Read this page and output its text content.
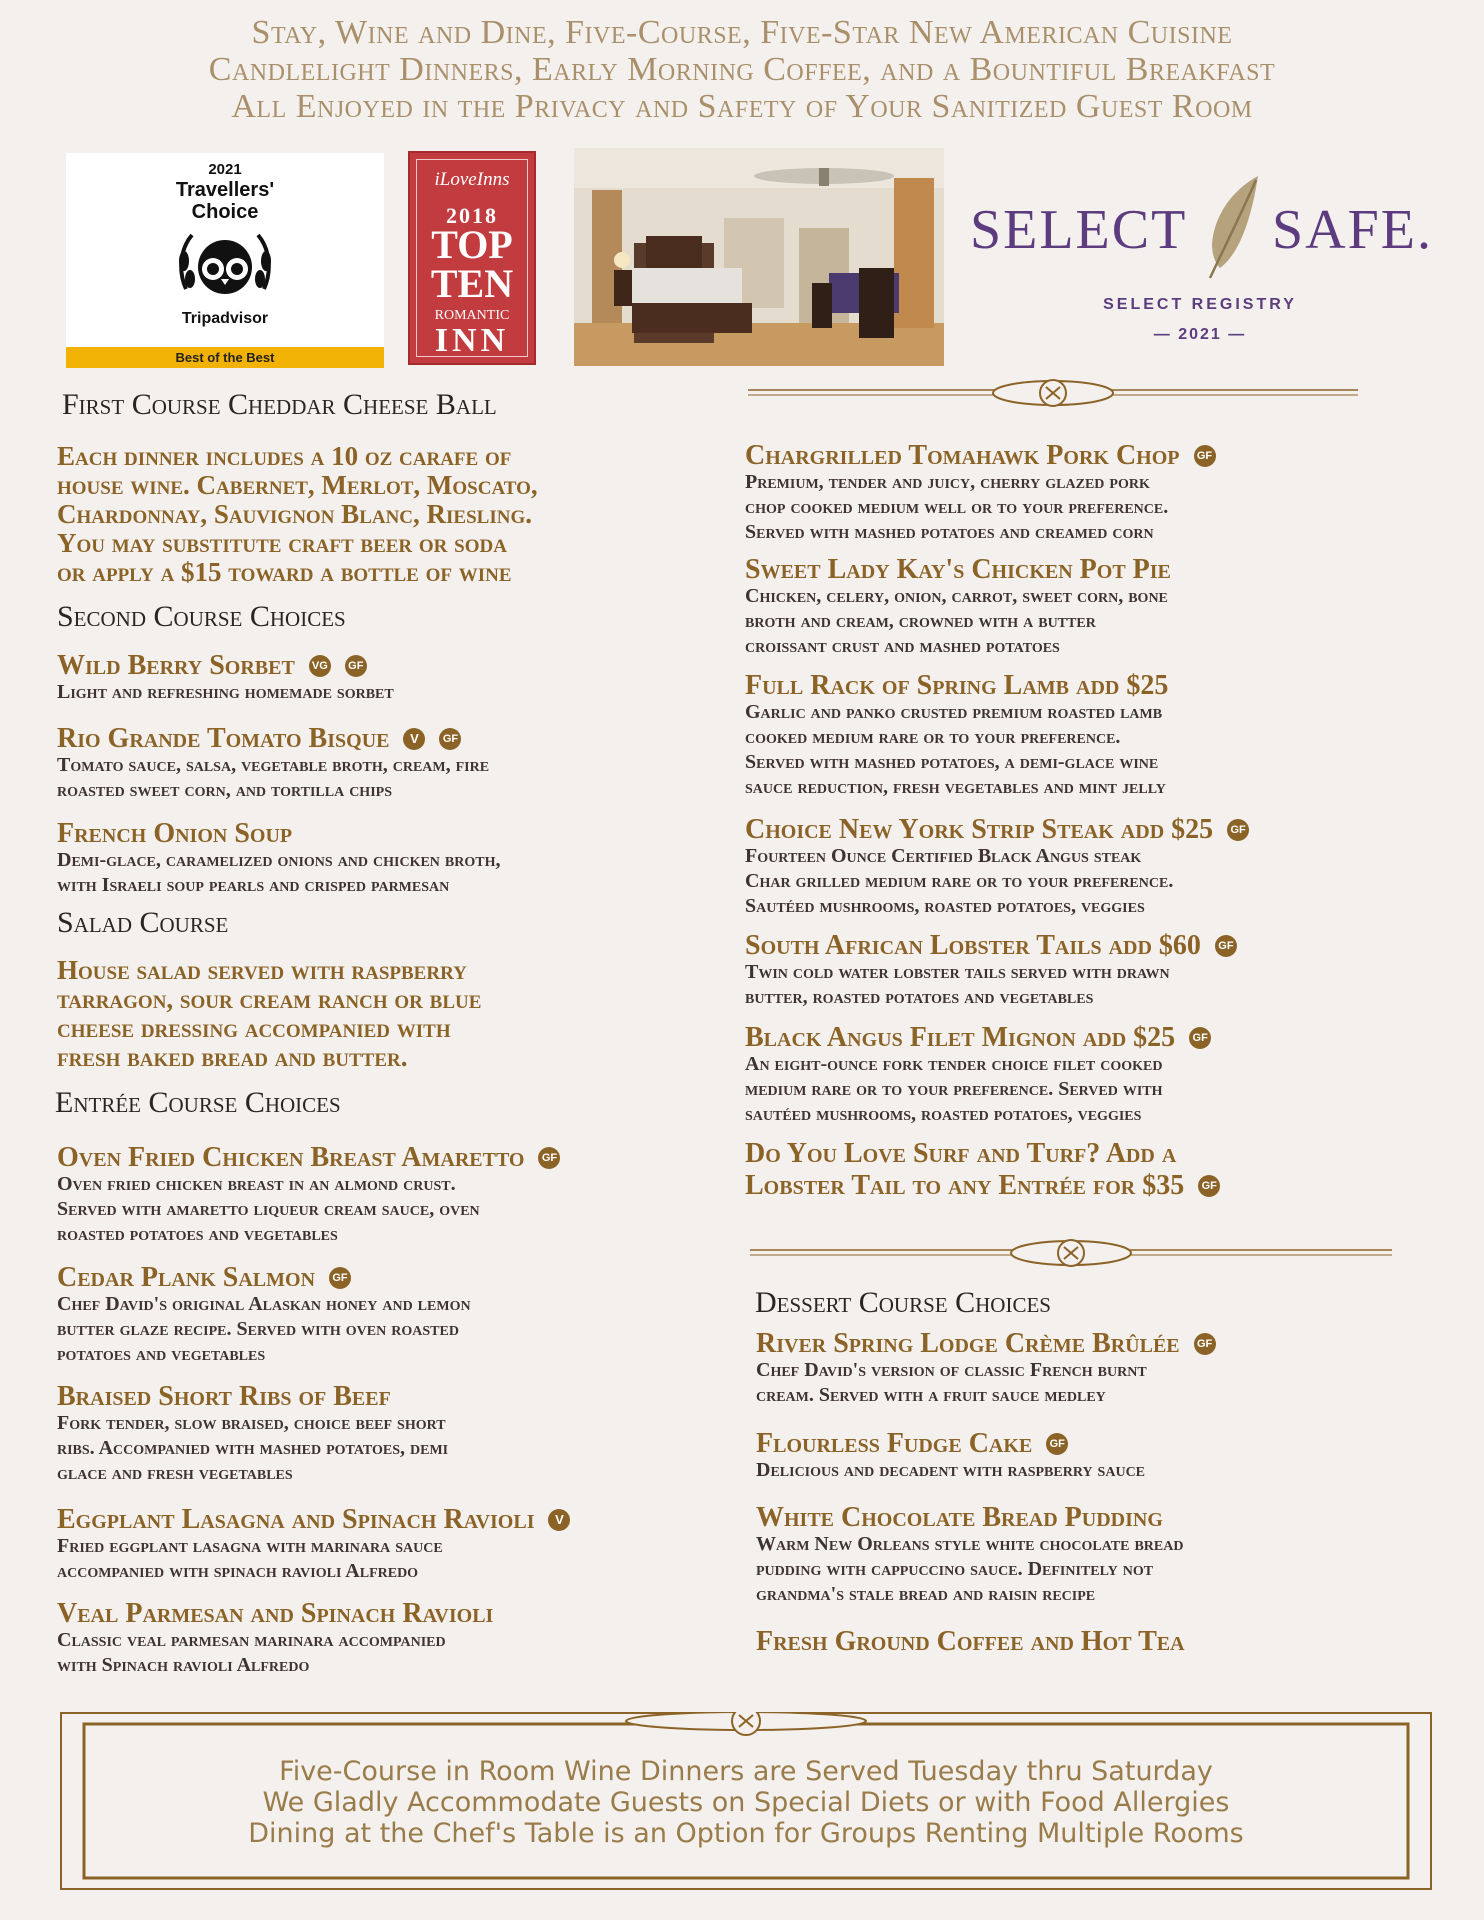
Stay, Wine and Dine, Five-Course, Five-Star New American Cuisine
Candlelight Dinners, Early Morning Coffee, and a Bountiful Breakfast
All Enjoyed in the Privacy and Safety of Your Sanitized Guest Room
2021
Travellers'
Choice
Tripadvisor
Best of the Best
iLoveInns
2018
TOP
TEN
ROMANTIC
INN
SELECT SAFE.
SELECT REGISTRY
— 2021 —
First Course Cheddar Cheese Ball
Each dinner includes a 10 oz carafe of
house wine. Cabernet, Merlot, Moscato,
Chardonnay, Sauvignon Blanc, Riesling.
You may substitute craft beer or soda
or apply a $15 toward a bottle of wine
Second Course Choices
Wild Berry Sorbet VG	GF
Light and refreshing homemade sorbet
Rio Grande Tomato Bisque	V	GF
Tomato sauce, salsa, vegetable broth, cream, fire
roasted sweet corn, and tortilla chips
French Onion Soup
Demi-glace, caramelized onions and chicken broth,
with Israeli soup pearls and crisped parmesan
Salad Course
House salad served with raspberry
tarragon, sour cream ranch or blue
cheese dressing accompanied with
fresh baked bread and butter.
Entrée Course Choices
Oven Fried Chicken Breast Amaretto	GF
Oven fried chicken breast in an almond crust.
Served with amaretto liqueur cream sauce, oven
roasted potatoes and vegetables
Cedar Plank Salmon	GF
Chef David's original Alaskan honey and lemon
butter glaze recipe. Served with oven roasted
potatoes and vegetables
Braised Short Ribs of Beef
Fork tender, slow braised, choice beef short
ribs. Accompanied with mashed potatoes, demi
glace and fresh vegetables
Eggplant Lasagna and Spinach Ravioli	V
Fried eggplant lasagna with marinara sauce
accompanied with spinach ravioli Alfredo
Veal Parmesan and Spinach Ravioli
Classic veal parmesan marinara accompanied
with Spinach ravioli Alfredo
Chargrilled Tomahawk Pork Chop	GF
Premium, tender and juicy, cherry glazed pork
chop cooked medium well or to your preference.
Served with mashed potatoes and creamed corn
Sweet Lady Kay's Chicken Pot Pie
Chicken, celery, onion, carrot, sweet corn, bone
broth and cream, crowned with a butter
croissant crust and mashed potatoes
Full Rack of Spring Lamb add $25
Garlic and panko crusted premium roasted lamb
cooked medium rare or to your preference.
Served with mashed potatoes, a demi-glace wine
sauce reduction, fresh vegetables and mint jelly
Choice New York Strip Steak add $25	GF
Fourteen Ounce Certified Black Angus steak
Char grilled medium rare or to your preference.
Sautéed mushrooms, roasted potatoes, veggies
South African Lobster Tails add $60	GF
Twin cold water lobster tails served with drawn
butter, roasted potatoes and vegetables
Black Angus Filet Mignon add $25	GF
An eight-ounce fork tender choice filet cooked
medium rare or to your preference. Served with
sautéed mushrooms, roasted potatoes, veggies
Do You Love Surf and Turf? Add a
Lobster Tail to any Entrée for $35	GF
Dessert Course Choices
River Spring Lodge Crème Brûlée	GF
Chef David's version of classic French burnt
cream. Served with a fruit sauce medley
Flourless Fudge Cake	GF
Delicious and decadent with raspberry sauce
White Chocolate Bread Pudding
Warm New Orleans style white chocolate bread
pudding with cappuccino sauce. Definitely not
grandma's stale bread and raisin recipe
Fresh Ground Coffee and Hot Tea
Five-Course in Room Wine Dinners are Served Tuesday thru Saturday
We Gladly Accommodate Guests on Special Diets or with Food Allergies
Dining at the Chef's Table is an Option for Groups Renting Multiple Rooms
